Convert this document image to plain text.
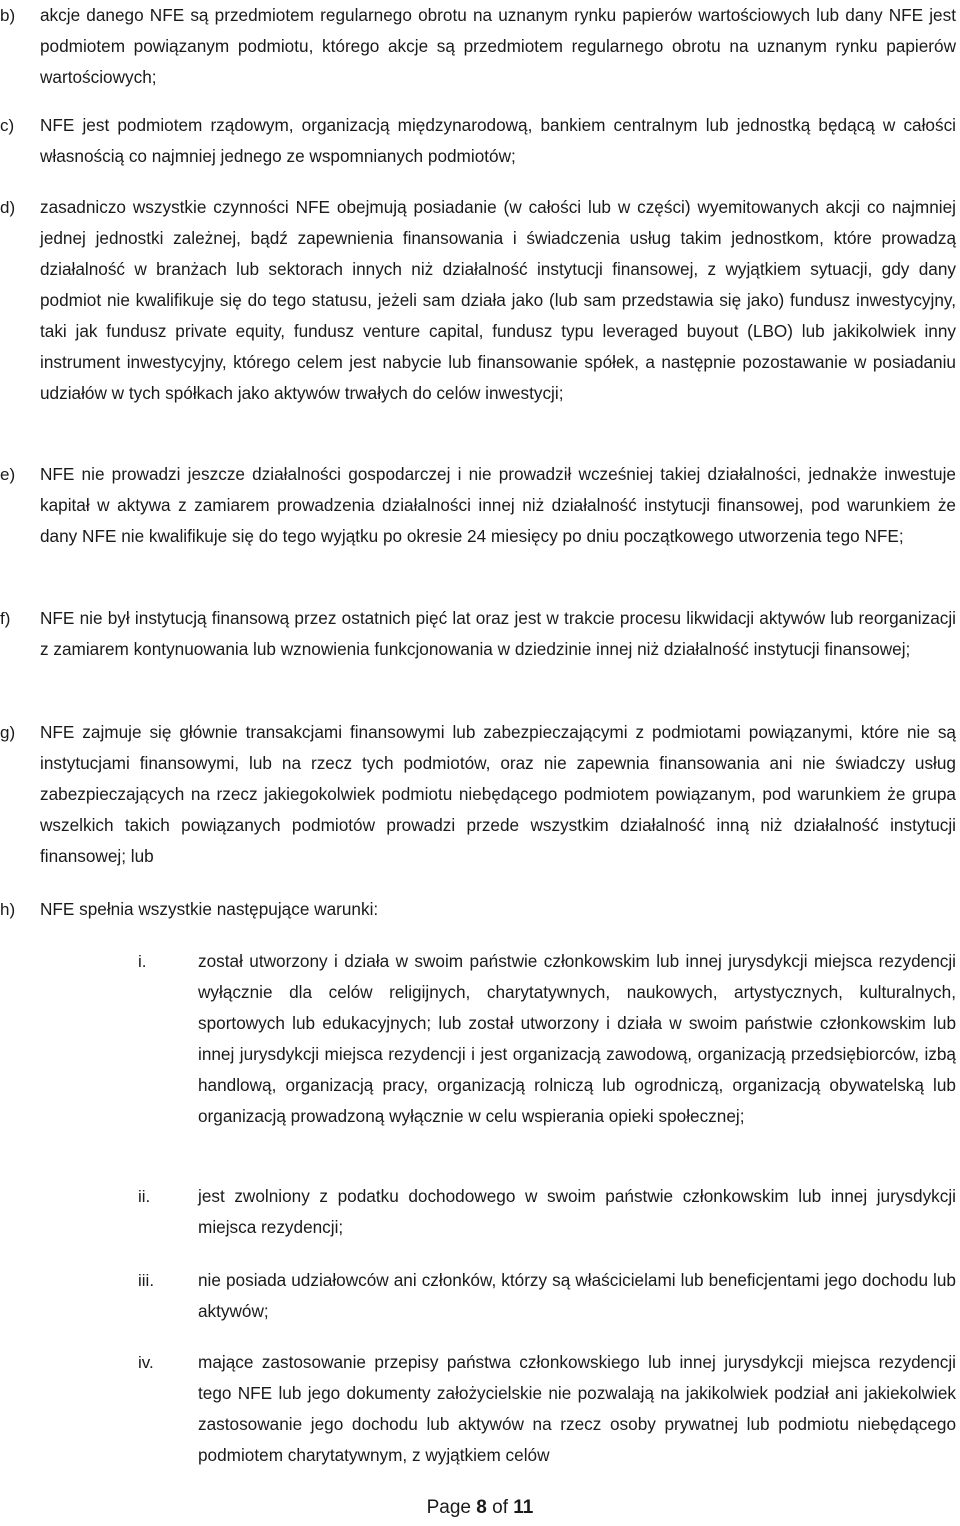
b) akcje danego NFE są przedmiotem regularnego obrotu na uznanym rynku papierów wartościowych lub dany NFE jest podmiotem powiązanym podmiotu, którego akcje są przedmiotem regularnego obrotu na uznanym rynku papierów wartościowych;
c) NFE jest podmiotem rządowym, organizacją międzynarodową, bankiem centralnym lub jednostką będącą w całości własnością co najmniej jednego ze wspomnianych podmiotów;
d) zasadniczo wszystkie czynności NFE obejmują posiadanie (w całości lub w części) wyemitowanych akcji co najmniej jednej jednostki zależnej, bądź zapewnienia finansowania i świadczenia usług takim jednostkom, które prowadzą działalność w branżach lub sektorach innych niż działalność instytucji finansowej, z wyjątkiem sytuacji, gdy dany podmiot nie kwalifikuje się do tego statusu, jeżeli sam działa jako (lub sam przedstawia się jako) fundusz inwestycyjny, taki jak fundusz private equity, fundusz venture capital, fundusz typu leveraged buyout (LBO) lub jakikolwiek inny instrument inwestycyjny, którego celem jest nabycie lub finansowanie spółek, a następnie pozostawanie w posiadaniu udziałów w tych spółkach jako aktywów trwałych do celów inwestycji;
e) NFE nie prowadzi jeszcze działalności gospodarczej i nie prowadził wcześniej takiej działalności, jednakże inwestuje kapitał w aktywa z zamiarem prowadzenia działalności innej niż działalność instytucji finansowej, pod warunkiem że dany NFE nie kwalifikuje się do tego wyjątku po okresie 24 miesięcy po dniu początkowego utworzenia tego NFE;
f) NFE nie był instytucją finansową przez ostatnich pięć lat oraz jest w trakcie procesu likwidacji aktywów lub reorganizacji z zamiarem kontynuowania lub wznowienia funkcjonowania w dziedzinie innej niż działalność instytucji finansowej;
g) NFE zajmuje się głównie transakcjami finansowymi lub zabezpieczającymi z podmiotami powiązanymi, które nie są instytucjami finansowymi, lub na rzecz tych podmiotów, oraz nie zapewnia finansowania ani nie świadczy usług zabezpieczających na rzecz jakiegokolwiek podmiotu niebędącego podmiotem powiązanym, pod warunkiem że grupa wszelkich takich powiązanych podmiotów prowadzi przede wszystkim działalność inną niż działalność instytucji finansowej; lub
h) NFE spełnia wszystkie następujące warunki:
i.	został utworzony i działa w swoim państwie członkowskim lub innej jurysdykcji miejsca rezydencji wyłącznie dla celów religijnych, charytatywnych, naukowych, artystycznych, kulturalnych, sportowych lub edukacyjnych; lub został utworzony i działa w swoim państwie członkowskim lub innej jurysdykcji miejsca rezydencji i jest organizacją zawodową, organizacją przedsiębiorców, izbą handlową, organizacją pracy, organizacją rolniczą lub ogrodniczą, organizacją obywatelską lub organizacją prowadzoną wyłącznie w celu wspierania opieki społecznej;
ii.	jest zwolniony z podatku dochodowego w swoim państwie członkowskim lub innej jurysdykcji miejsca rezydencji;
iii.	nie posiada udziałowców ani członków, którzy są właścicielami lub beneficjentami jego dochodu lub aktywów;
iv.	mające zastosowanie przepisy państwa członkowskiego lub innej jurysdykcji miejsca rezydencji tego NFE lub jego dokumenty założycielskie nie pozwalają na jakikolwiek podział ani jakiekolwiek zastosowanie jego dochodu lub aktywów na rzecz osoby prywatnej lub podmiotu niebędącego podmiotem charytatywnym, z wyjątkiem celów
Page 8 of 11
